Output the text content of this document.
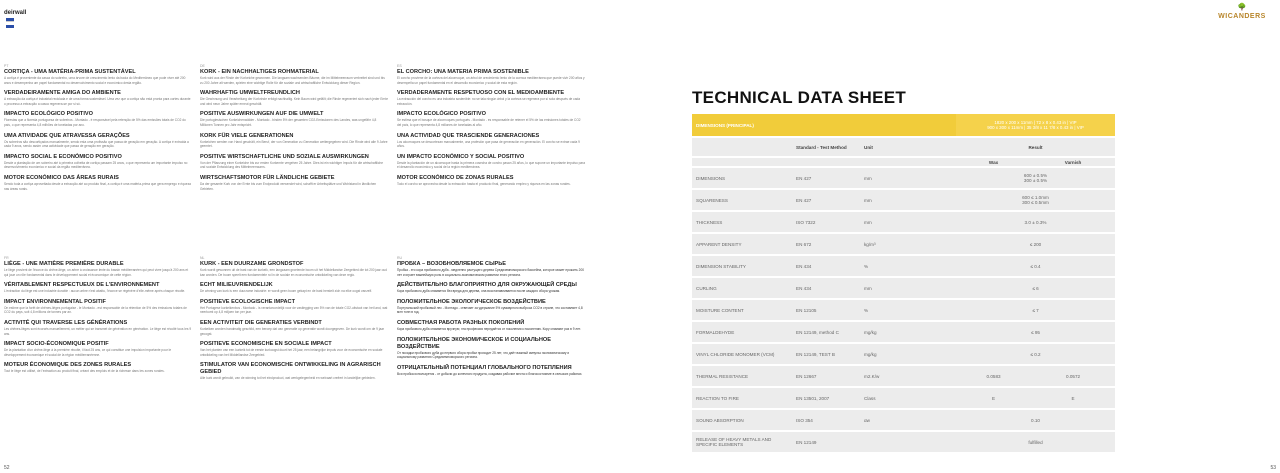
deirwall
🌳
WICANDERS
PT
CORTIÇA - UMA MATÉRIA-PRIMA SUSTENTÁVEL

A cortiça é proveniente da casca do sobreiro, uma árvore de crescimento lento da bacia do Mediterrâneo que pode viver até 200 anos e desempenha um papel fundamental no desenvolvimento social e económico desta região.

VERDADEIRAMENTE AMIGA DO AMBIENTE

A extracção da cortiça é industrial reciclada e de uma forma sustentável. Uma vez que a cortiça não está pronta para cortes durante o processo a extracção a casca regenera-se por si só.

IMPACTO ECOLÓGICO POSITIVO

Florestas que a floresta portuguesa de sobreiros - Montado - é responsável pela retenção de 5% das emissões totais de CO2 do país, o que representa 4,8 milhões de toneladas por ano.

UMA ATIVIDADE QUE ATRAVESSA GERAÇÕES

Os sobreiros são descortiçados manualmente, sendo esta uma profissão que passa de geração em geração. A cortiça é extraída a cada 9 anos, sendo assim uma actividade que passa de geração em geração.

IMPACTO SOCIAL E ECONÓMICO POSITIVO

Desde a plantação de um sobreiro até à primeira colheita de cortiça passam 25 anos, o que representa um importante impulso no desenvolvimento económico e social da região mediterrânea.

MOTOR ECONÓMICO DAS ÁREAS RURAIS

Sendo toda a cortiça aproveitada desde a extracção até ao produto final, a cortiça é uma matéria-prima que gera emprego e riqueza nas áreas rurais.

DE
KORK - EIN NACHHALTIGES ROHMATERIAL

Kork wird aus der Rinde der Korkeiche gewonnen. Die langsam wachsenden Bäume, die im Mittelmeerraum verbreitet sind und bis zu 200 Jahre alt werden, spielen eine wichtige Rolle für die soziale und wirtschaftliche Entwicklung dieser Region.

WAHRHAFTIG UMWELTFREUNDLICH

Die Gewinnung und Verarbeitung der Korkrinde erfolgt nachhaltig. Kein Baum wird gefällt; die Rinde regeneriert sich nach jeder Ernte und wird neun Jahre später erneut geschält.

POSITIVE AUSWIRKUNGEN AUF DIE UMWELT

Die portugiesischen Korkeichenwälder - Montado - binden 5% der gesamten CO2-Emissionen des Landes, was ungefähr 4,8 Millionen Tonnen pro Jahr entspricht.

KORK FÜR VIELE GENERATIONEN

Korkeichen werden von Hand geschält, ein Beruf, der von Generation zu Generation weitergegeben wird. Die Rinde wird alle 9 Jahre geerntet.

POSITIVE WIRTSCHAFTLICHE UND SOZIALE AUSWIRKUNGEN

Von der Pflanzung einer Korkeiche bis zur ersten Korkernte vergehen 25 Jahre. Dies ist ein wichtiger Impuls für die wirtschaftliche und soziale Entwicklung des Mittelmeerraums.

WIRTSCHAFTSMOTOR FÜR LÄNDLICHE GEBIETE

Da der gesamte Kork von der Ernte bis zum Endprodukt verwendet wird, schafft er Arbeitsplätze und Wohlstand in ländlichen Gebieten.

ES
EL CORCHO: UNA MATERIA PRIMA SOSTENIBLE

El corcho proviene de la corteza del alcornoque, un árbol de crecimiento lento de la cuenca mediterránea que puede vivir 200 años y desempeña un papel fundamental en el desarrollo económico y social de esta región.

VERDADERAMENTE RESPETUOSO CON EL MEDIOAMBIENTE

La extracción del corcho es una industria sostenible: no se tala ningún árbol y la corteza se regenera por sí sola después de cada extracción.

IMPACTO ECOLÓGICO POSITIVO

Se estima que el bosque de alcornoques portugués - Montado - es responsable de retener el 5% de las emisiones totales de CO2 del país, lo que representa 4,8 millones de toneladas al año.

UNA ACTIVIDAD QUE TRASCIENDE GENERACIONES

Los alcornoques se descortezan manualmente, una profesión que pasa de generación en generación. El corcho se extrae cada 9 años.

UN IMPACTO ECONÓMICO Y SOCIAL POSITIVO

Desde la plantación de un alcornoque hasta la primera cosecha de corcho pasan 25 años, lo que supone un importante impulso para el desarrollo económico y social de la región mediterránea.

MOTOR ECONÓMICO DE ZONAS RURALES

Todo el corcho se aprovecha desde la extracción hasta el producto final, generando empleo y riqueza en las zonas rurales.

FR
LIÈGE - UNE MATIÈRE PREMIÈRE DURABLE

Le liège provient de l'écorce du chêne-liège, un arbre à croissance lente du bassin méditerranéen qui peut vivre jusqu'à 200 ans et qui joue un rôle fondamental dans le développement social et économique de cette région.

VÉRITABLEMENT RESPECTUEUX DE L'ENVIRONNEMENT

L'extraction du liège est une industrie durable : aucun arbre n'est abattu, l'écorce se régénère d'elle-même après chaque récolte.

IMPACT ENVIRONNEMENTAL POSITIF

On estime que la forêt de chênes-lièges portugaise - le Montado - est responsable de la rétention de 5% des émissions totales de CO2 du pays, soit 4,8 millions de tonnes par an.

ACTIVITÉ QUI TRAVERSE LES GÉNÉRATIONS

Les chênes-lièges sont écorcés manuellement, un métier qui se transmet de génération en génération. Le liège est récolté tous les 9 ans.

IMPACT SOCIO-ÉCONOMIQUE POSITIF

De la plantation d'un chêne-liège à la première récolte, il faut 25 ans, ce qui constitue une impulsion importante pour le développement économique et social de la région méditerranéenne.

MOTEUR ÉCONOMIQUE DES ZONES RURALES

Tout le liège est utilisé, de l'extraction au produit final, créant des emplois et de la richesse dans les zones rurales.

NL
KURK - EEN DUURZAME GRONDSTOF

Kurk wordt gewonnen uit de bast van de kurkeik, een langzaam groeiende boom uit het Middellandse Zeegebied die tot 200 jaar oud kan worden. De boom speelt een fundamentele rol in de sociale en economische ontwikkeling van deze regio.

ECHT MILIEUVRIENDELIJK

De winning van kurk is een duurzame industrie: er wordt geen boom gekapt en de bast herstelt zich na elke oogst vanzelf.

POSITIEVE ECOLOGISCHE IMPACT

Het Portugese kurkeikenbos - Montado - is verantwoordelijk voor de vastlegging van 5% van de totale CO2-uitstoot van het land, wat neerkomt op 4,8 miljoen ton per jaar.

EEN ACTIVITEIT DIE GENERATIES VERBINDT

Kurkeiken worden handmatig geschild, een beroep dat van generatie op generatie wordt doorgegeven. De kurk wordt om de 9 jaar geoogst.

POSITIEVE ECONOMISCHE EN SOCIALE IMPACT

Van het planten van een kurkeik tot de eerste kurkoogst duurt het 25 jaar, een belangrijke impuls voor de economische en sociale ontwikkeling van het Middellandse Zeegebied.

STIMULATOR VAN ECONOMISCHE ONTWIKKELING IN AGRARISCH GEBIED

Alle kurk wordt gebruikt, van de winning tot het eindproduct, wat werkgelegenheid en welvaart creëert in landelijke gebieden.

RU
ПРОБКА – ВОЗОБНОВЛЯЕМОЕ СЫРЬЕ

Пробка - это кора пробкового дуба - медленно растущего дерева Средиземноморского бассейна, которое может прожить 200 лет и играет важнейшую роль в социально-экономическом развитии этого региона.

ДЕЙСТВИТЕЛЬНО БЛАГОПРИЯТНО ДЛЯ ОКРУЖАЮЩЕЙ СРЕДЫ

Кора пробкового дуба снимается без вреда для дерева, она восстанавливается после каждого сбора урожая.

ПОЛОЖИТЕЛЬНОЕ ЭКОЛОГИЧЕСКОЕ ВОЗДЕЙСТВИЕ

Португальский пробковый лес - Монтадо - отвечает за удержание 5% суммарного выброса CO2 в стране, что составляет 4,8 млн тонн в год.

СОВМЕСТНАЯ РАБОТА РАЗНЫХ ПОКОЛЕНИЙ

Кора пробкового дуба снимается вручную; эта профессия передаётся от поколения к поколению. Кору снимают раз в 9 лет.

ПОЛОЖИТЕЛЬНОЕ ЭКОНОМИЧЕСКОЕ И СОЦИАЛЬНОЕ ВОЗДЕЙСТВИЕ

От посадки пробкового дуба до первого сбора пробки проходит 25 лет, что даёт важный импульс экономическому и социальному развитию Средиземноморского региона.

ОТРИЦАТЕЛЬНЫЙ ПОТЕНЦИАЛ ГЛОБАЛЬНОГО ПОТЕПЛЕНИЯ

Вся пробка используется - от добычи до конечного продукта, создавая рабочие места и благосостояние в сельских районах.

TECHNICAL DATA SHEET
DIMENSIONS (PRINCIPAL)				1820 x 200 x 11mm | 72 x 8 x 0.43 in | VIP
900 x 300 x 11mm | 35 3/8 x 11 7/8 x 0.43 in | VIP	

	Standard - Test Method	Unit		Result	
				Wax	Varnish
DIMENSIONS	EN 427	mm		600 ± 0.5%
300 ± 0.5%	

SQUARENESS	EN 427	mm		600 ≤ 1.0mm
300 ≤ 0.5mm	

THICKNESS	ISO 7322	mm		3.0 ± 0.3%	

APPARENT DENSITY	EN 672	kg/m³		≤ 200	

DIMENSION STABILITY	EN 434	%		≤ 0.4	

CURLING	EN 434	mm		≤ 6	

MOISTURE CONTENT	EN 12105	%		≤ 7	

FORMALDEHYDE	EN 12149, method C	mg/kg		≤ 95	

VINYL CHLORIDE MONOMER (VCM)	EN 12149, TEST B	mg/kg		≤ 0.2	

THERMAL RESISTANCE	EN 12667	m2.K/w		0.0583	0.0572
REACTION TO FIRE	EN 13501, 2007	Class		E	E
SOUND ABSORPTION	ISO 354	αw		0.10	

RELEASE OF HEAVY METALS AND SPECIFIC ELEMENTS	EN 12149			fulfilled	
52	53
